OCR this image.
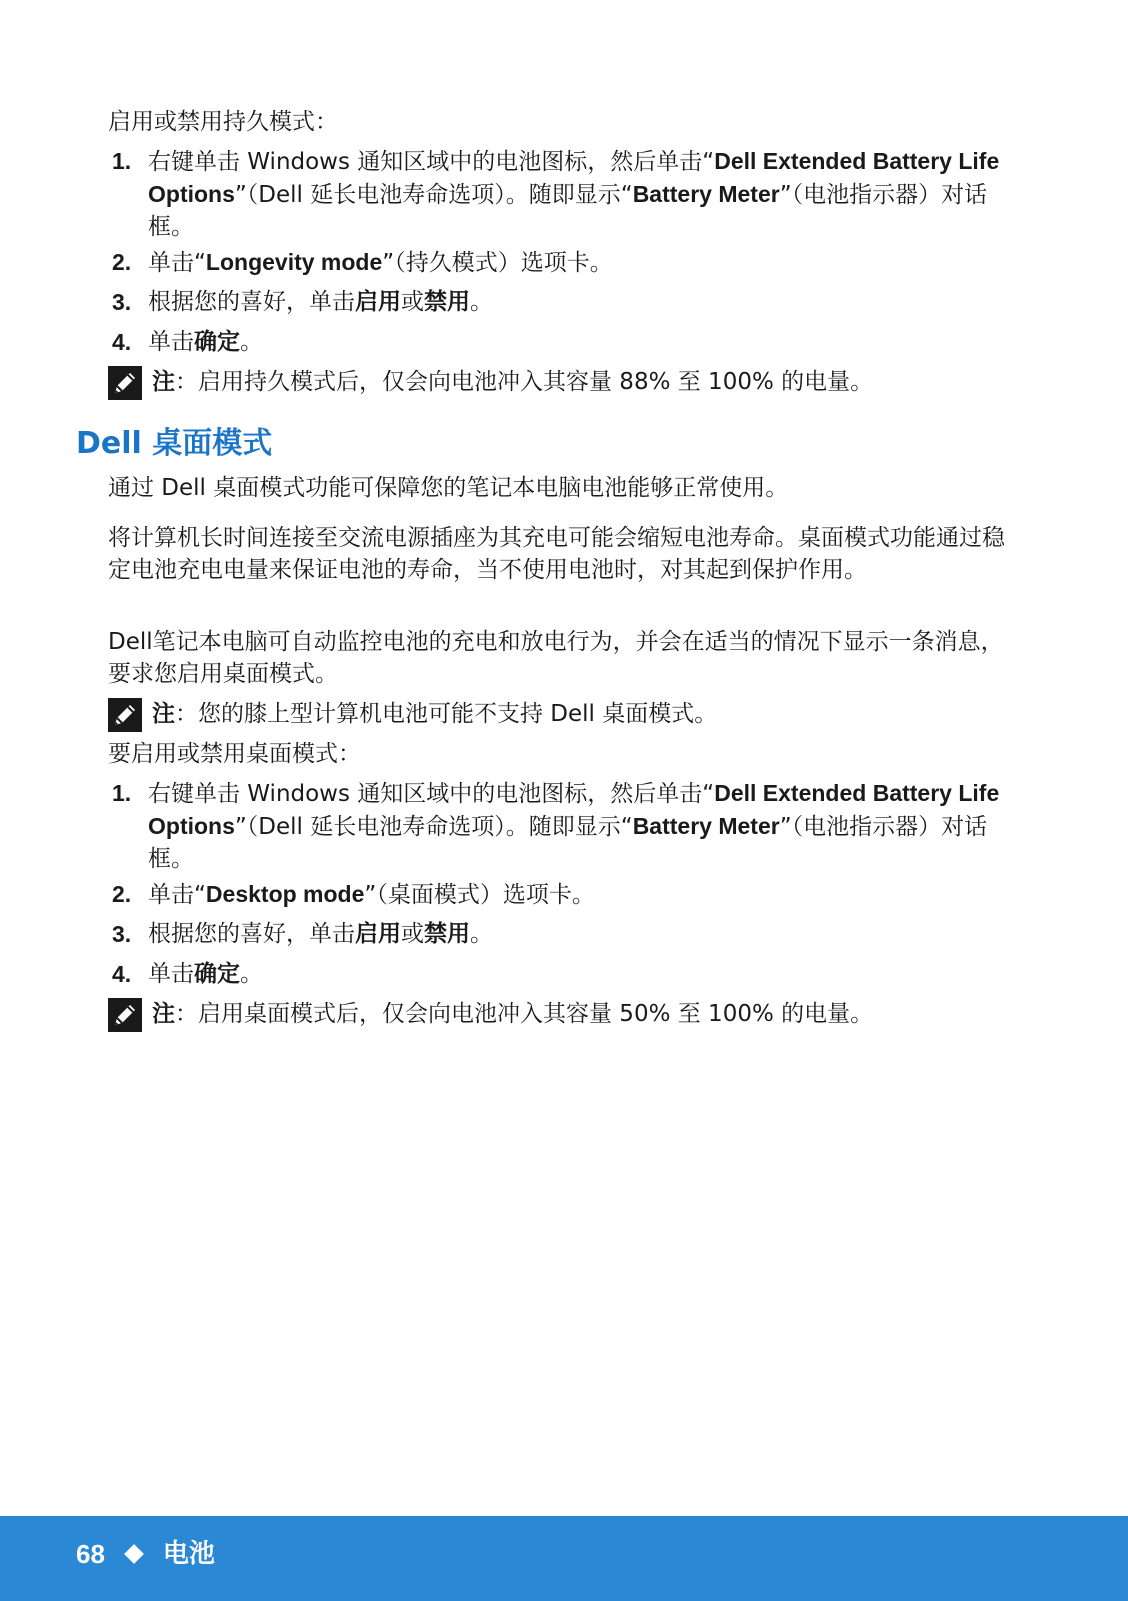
启用或禁用持久模式：

1. 右键单击 Windows 通知区域中的电池图标，然后单击“Dell Extended Battery Life Options”（Dell 延长电池寿命选项）。随即显示“Battery Meter”（电池指示器）对话框。
2. 单击“Longevity mode”（持久模式）选项卡。
3. 根据您的喜好，单击启用或禁用。
4. 单击确定。
注：启用持久模式后，仅会向电池冲入其容量 88% 至 100% 的电量。
Dell 桌面模式

通过 Dell 桌面模式功能可保障您的笔记本电脑电池能够正常使用。

将计算机长时间连接至交流电源插座为其充电可能会缩短电池寿命。桌面模式功能通过稳定电池充电电量来保证电池的寿命，当不使用电池时，对其起到保护作用。

Dell笔记本电脑可自动监控电池的充电和放电行为，并会在适当的情况下显示一条消息，要求您启用桌面模式。

注：您的膝上型计算机电池可能不支持 Dell 桌面模式。

要启用或禁用桌面模式：

1. 右键单击 Windows 通知区域中的电池图标，然后单击“Dell Extended Battery Life Options”（Dell 延长电池寿命选项）。随即显示“Battery Meter”（电池指示器）对话框。
2. 单击“Desktop mode”（桌面模式）选项卡。
3. 根据您的喜好，单击启用或禁用。
4. 单击确定。
注：启用桌面模式后，仅会向电池冲入其容量 50% 至 100% 的电量。
68 电池
